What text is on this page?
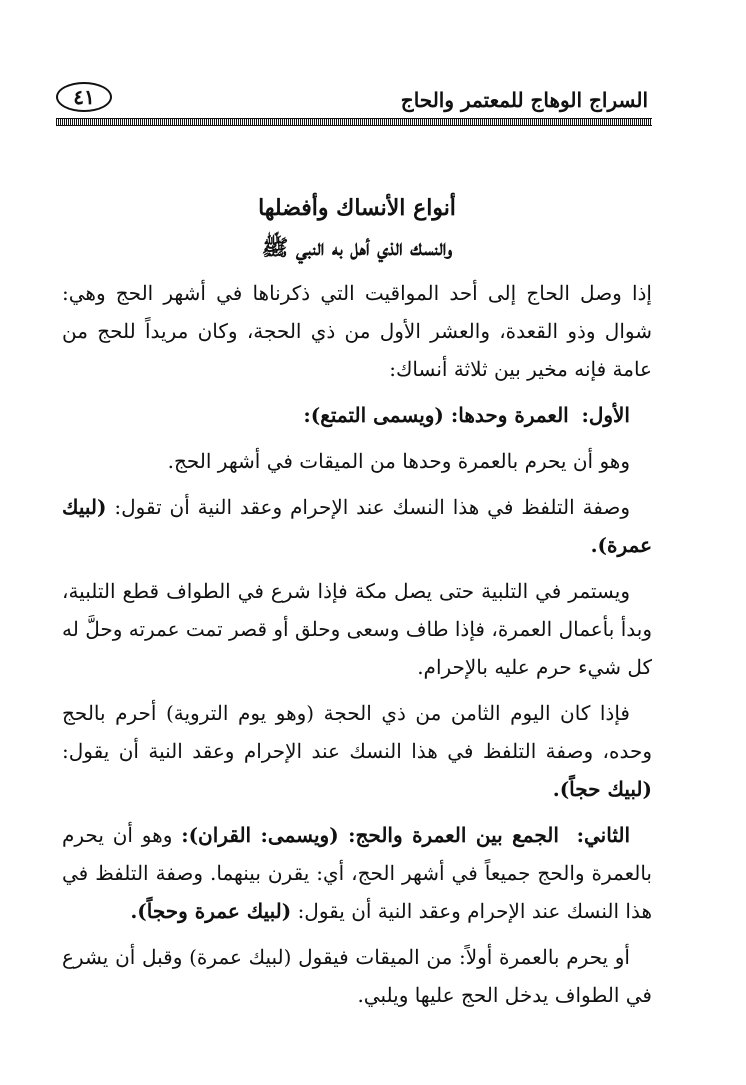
السراج الوهاج للمعتمر والحاج
٤١

أنواع الأنساك وأفضلها

والنسك الذي أهل به النبي ﷺ

إذا وصل الحاج إلى أحد المواقيت التي ذكرناها في أشهر الحج وهي: شوال وذو القعدة، والعشر الأول من ذي الحجة، وكان مريداً للحج من عامة فإنه مخير بين ثلاثة أنساك:

الأول:  العمرة وحدها: (ويسمى التمتع):

وهو أن يحرم بالعمرة وحدها من الميقات في أشهر الحج.

وصفة التلفظ في هذا النسك عند الإحرام وعقد النية أن تقول: (لبيك عمرة).

ويستمر في التلبية حتى يصل مكة فإذا شرع في الطواف قطع التلبية، وبدأ بأعمال العمرة، فإذا طاف وسعى وحلق أو قصر تمت عمرته وحلَّ له كل شيء حرم عليه بالإحرام.

فإذا كان اليوم الثامن من ذي الحجة (وهو يوم التروية) أحرم بالحج وحده، وصفة التلفظ في هذا النسك عند الإحرام وعقد النية أن يقول: (لبيك حجاً).

الثاني:  الجمع بين العمرة والحج: (ويسمى: القران): وهو أن يحرم بالعمرة والحج جميعاً في أشهر الحج، أي: يقرن بينهما. وصفة التلفظ في هذا النسك عند الإحرام وعقد النية أن يقول: (لبيك عمرة وحجاً).

أو يحرم بالعمرة أولاً: من الميقات فيقول (لبيك عمرة) وقبل أن يشرع في الطواف يدخل الحج عليها ويلبي.
